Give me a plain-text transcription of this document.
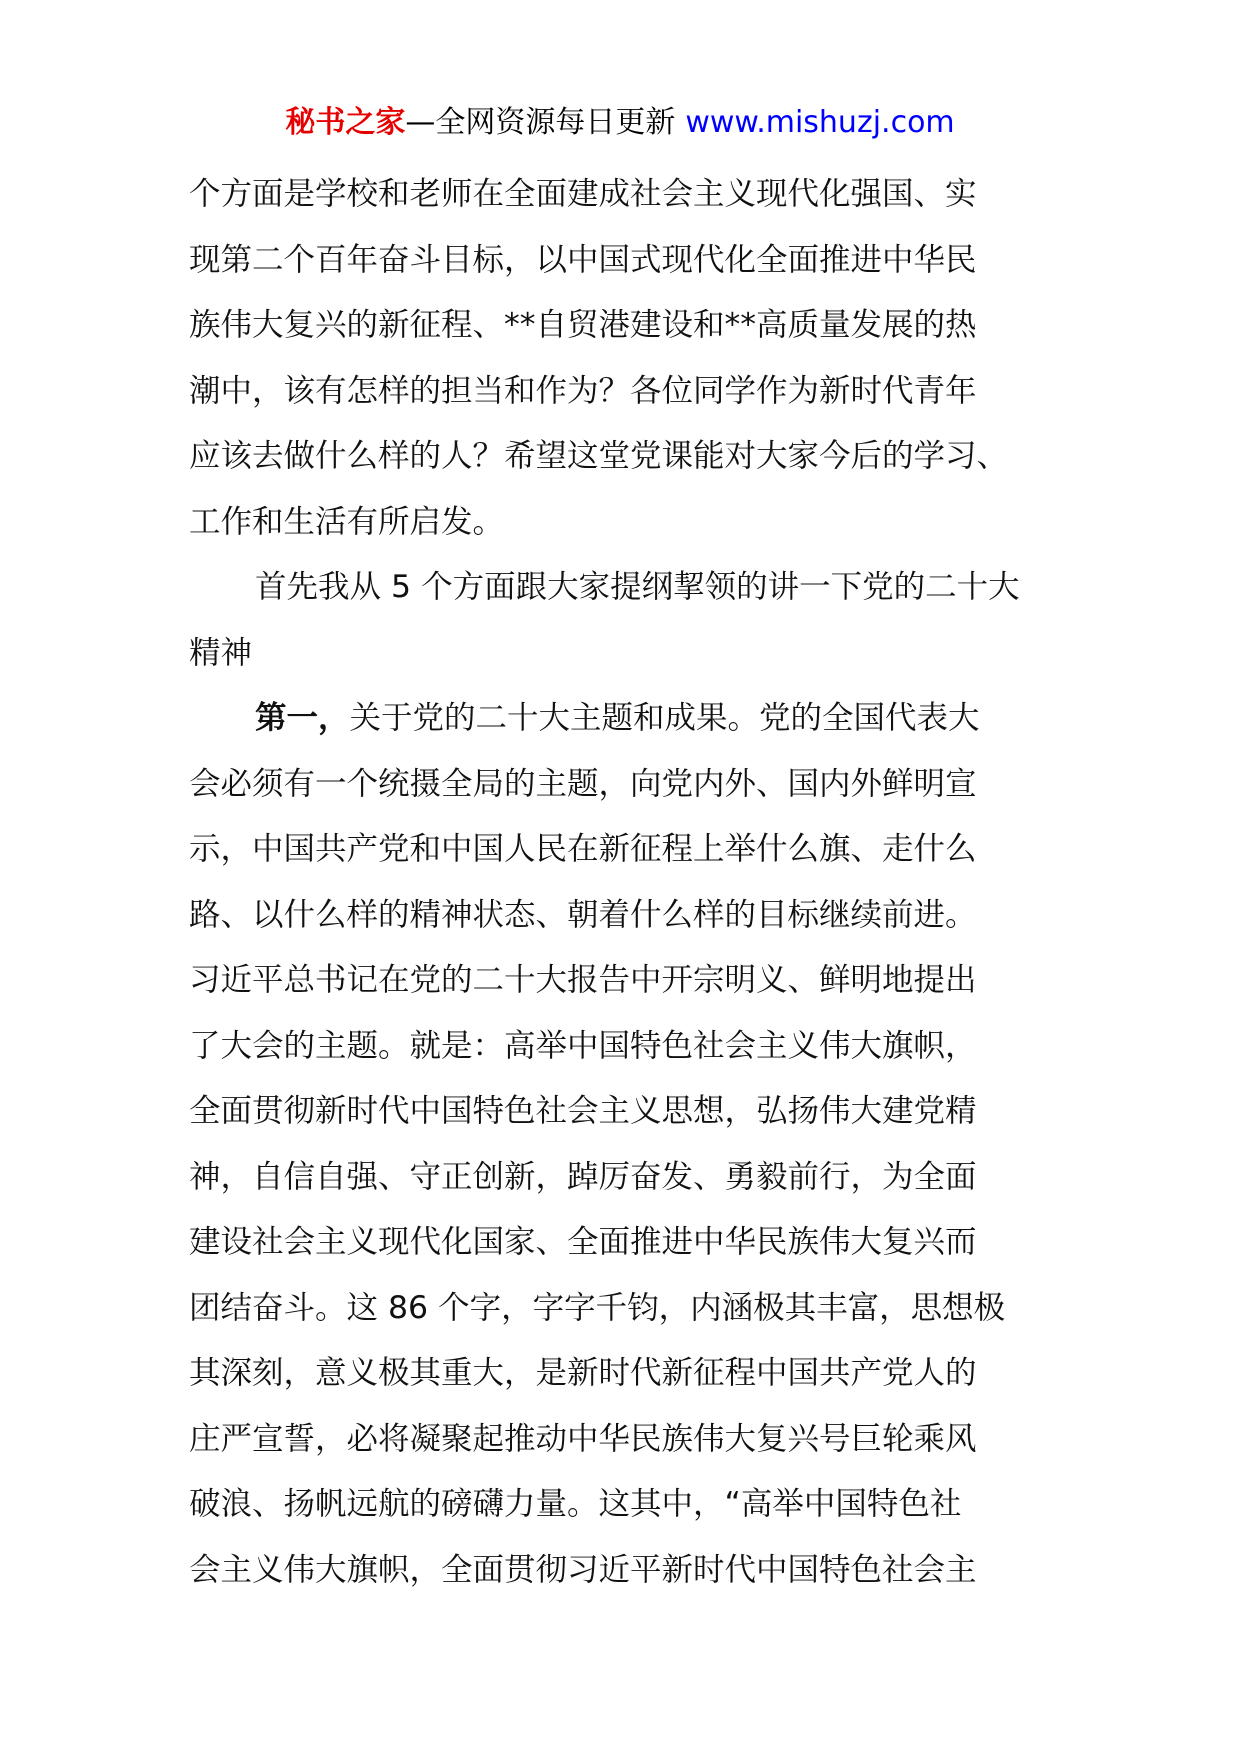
秘书之家—全网资源每日更新 www.mishuzj.com
个方面是学校和老师在全面建成社会主义现代化强国、实
现第二个百年奋斗目标，以中国式现代化全面推进中华民
族伟大复兴的新征程、**自贸港建设和**高质量发展的热
潮中，该有怎样的担当和作为？各位同学作为新时代青年
应该去做什么样的人？希望这堂党课能对大家今后的学习、
工作和生活有所启发。
首先我从 5 个方面跟大家提纲挈领的讲一下党的二十大
精神
第一，关于党的二十大主题和成果。党的全国代表大
会必须有一个统摄全局的主题，向党内外、国内外鲜明宣
示，中国共产党和中国人民在新征程上举什么旗、走什么
路、以什么样的精神状态、朝着什么样的目标继续前进。
习近平总书记在党的二十大报告中开宗明义、鲜明地提出
了大会的主题。就是：高举中国特色社会主义伟大旗帜，
全面贯彻新时代中国特色社会主义思想，弘扬伟大建党精
神，自信自强、守正创新，踔厉奋发、勇毅前行，为全面
建设社会主义现代化国家、全面推进中华民族伟大复兴而
团结奋斗。这 86 个字，字字千钧，内涵极其丰富，思想极
其深刻，意义极其重大，是新时代新征程中国共产党人的
庄严宣誓，必将凝聚起推动中华民族伟大复兴号巨轮乘风
破浪、扬帆远航的磅礴力量。这其中，“高举中国特色社
会主义伟大旗帜，全面贯彻习近平新时代中国特色社会主
